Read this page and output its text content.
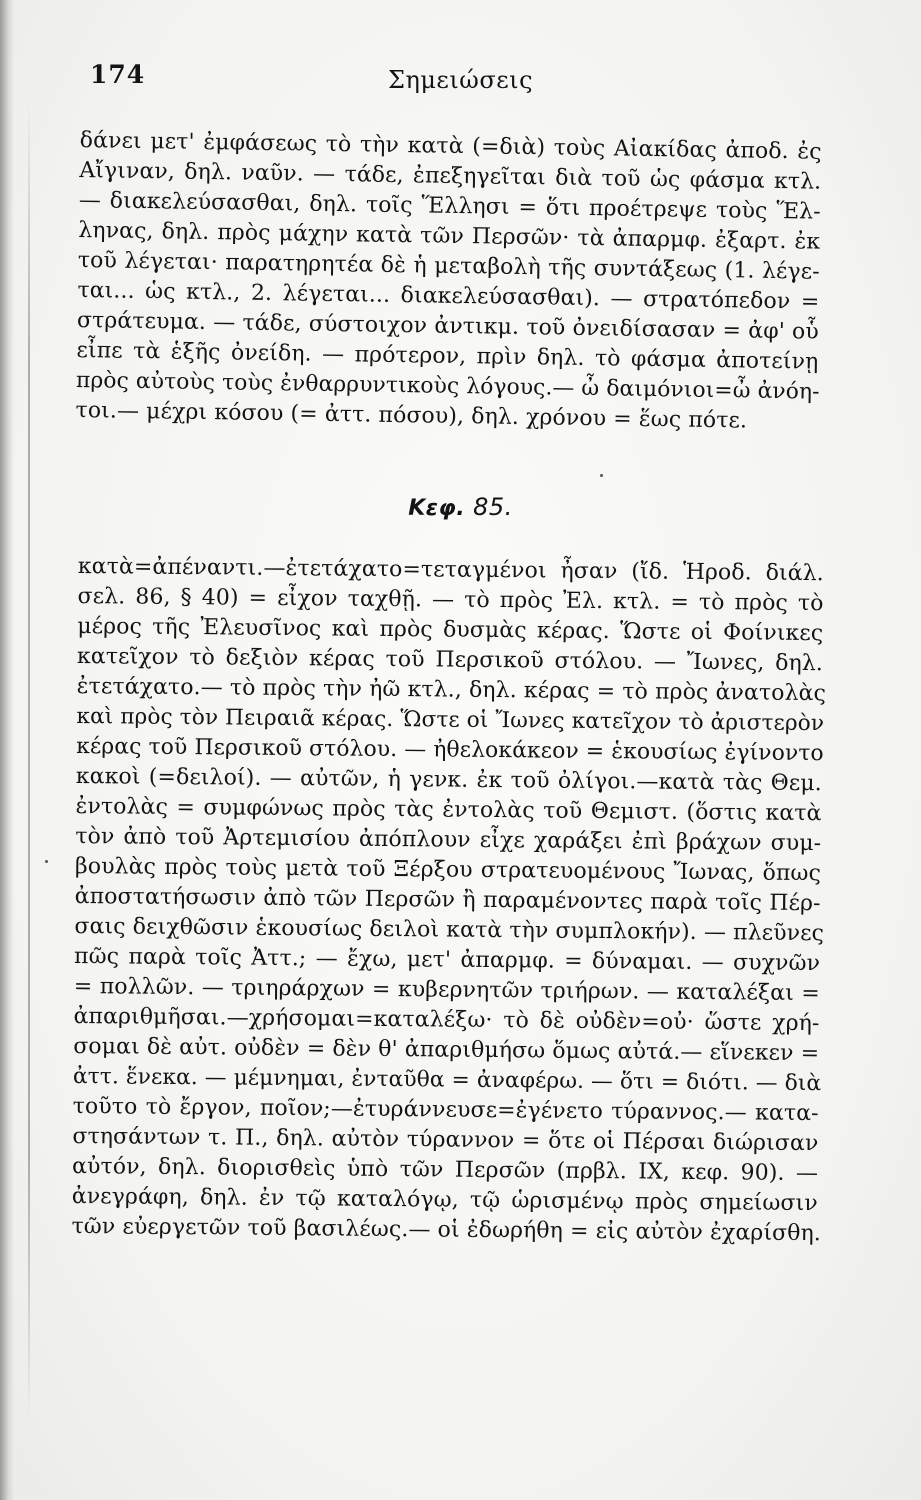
174	Σημειώσεις
δάνει μετ' ἐμφάσεως τὸ τὴν κατὰ (=διὰ) τοὺς Αἰακίδας ἀποδ. ἐς
Αἴγιναν, δηλ. ναῦν. — τάδε, ἐπεξηγεῖται διὰ τοῦ ὡς φάσμα κτλ.
— διακελεύσασθαι, δηλ. τοῖς Ἕλλησι = ὅτι προέτρεψε τοὺς Ἕλ-
ληνας, δηλ. πρὸς μάχην κατὰ τῶν Περσῶν· τὰ ἀπαρμφ. ἐξαρτ. ἐκ
τοῦ λέγεται· παρατηρητέα δὲ ἡ μεταβολὴ τῆς συντάξεως (1. λέγε-
ται... ὡς κτλ., 2. λέγεται... διακελεύσασθαι). — στρατόπεδον =
στράτευμα. — τάδε, σύστοιχον ἀντικμ. τοῦ ὀνειδίσασαν = ἀφ' οὗ
εἶπε τὰ ἑξῆς ὀνείδη. — πρότερον, πρὶν δηλ. τὸ φάσμα ἀποτείνῃ
πρὸς αὐτοὺς τοὺς ἐνθαρρυντικοὺς λόγους.— ὦ δαιμόνιοι=ὦ ἀνόη-
τοι.— μέχρι κόσου (= ἀττ. πόσου), δηλ. χρόνου = ἕως πότε.
Κεφ. 85.
κατὰ=ἀπέναντι.—ἐτετάχατο=τεταγμένοι ἦσαν (ἴδ. Ἡροδ. διάλ.
σελ. 86, § 40) = εἶχον ταχθῇ. — τὸ πρὸς Ἐλ. κτλ. = τὸ πρὸς τὸ
μέρος τῆς Ἐλευσῖνος καὶ πρὸς δυσμὰς κέρας. Ὥστε οἱ Φοίνικες
κατεῖχον τὸ δεξιὸν κέρας τοῦ Περσικοῦ στόλου. — Ἴωνες, δηλ.
ἐτετάχατο.— τὸ πρὸς τὴν ἠῶ κτλ., δηλ. κέρας = τὸ πρὸς ἀνατολὰς
καὶ πρὸς τὸν Πειραιᾶ κέρας. Ὥστε οἱ Ἴωνες κατεῖχον τὸ ἀριστερὸν
κέρας τοῦ Περσικοῦ στόλου. — ἠθελοκάκεον = ἑκουσίως ἐγίνοντο
κακοὶ (=δειλοί). — αὐτῶν, ἡ γενκ. ἐκ τοῦ ὀλίγοι.—κατὰ τὰς Θεμ.
ἐντολὰς = συμφώνως πρὸς τὰς ἐντολὰς τοῦ Θεμιστ. (ὅστις κατὰ
τὸν ἀπὸ τοῦ Ἀρτεμισίου ἀπόπλουν εἶχε χαράξει ἐπὶ βράχων συμ-
βουλὰς πρὸς τοὺς μετὰ τοῦ Ξέρξου στρατευομένους Ἴωνας, ὅπως
ἀποστατήσωσιν ἀπὸ τῶν Περσῶν ἢ παραμένοντες παρὰ τοῖς Πέρ-
σαις δειχθῶσιν ἑκουσίως δειλοὶ κατὰ τὴν συμπλοκήν). — πλεῦνες
πῶς παρὰ τοῖς Ἀττ.; — ἔχω, μετ' ἀπαρμφ. = δύναμαι. — συχνῶν
= πολλῶν. — τριηράρχων = κυβερνητῶν τριήρων. — καταλέξαι =
ἀπαριθμῆσαι.—χρήσομαι=καταλέξω· τὸ δὲ οὐδὲν=οὐ· ὥστε χρή-
σομαι δὲ αὐτ. οὐδὲν = δὲν θ' ἀπαριθμήσω ὅμως αὐτά.— εἵνεκεν =
ἀττ. ἕνεκα. — μέμνημαι, ἐνταῦθα = ἀναφέρω. — ὅτι = διότι. — διὰ
τοῦτο τὸ ἔργον, ποῖον;—ἐτυράννευσε=ἐγένετο τύραννος.— κατα-
στησάντων τ. Π., δηλ. αὐτὸν τύραννον = ὅτε οἱ Πέρσαι διώρισαν
αὐτόν, δηλ. διορισθεὶς ὑπὸ τῶν Περσῶν (πρβλ. ΙΧ, κεφ. 90). —
ἀνεγράφη, δηλ. ἐν τῷ καταλόγῳ, τῷ ὡρισμένῳ πρὸς σημείωσιν
τῶν εὐεργετῶν τοῦ βασιλέως.— οἱ ἐδωρήθη = εἰς αὐτὸν ἐχαρίσθη.
